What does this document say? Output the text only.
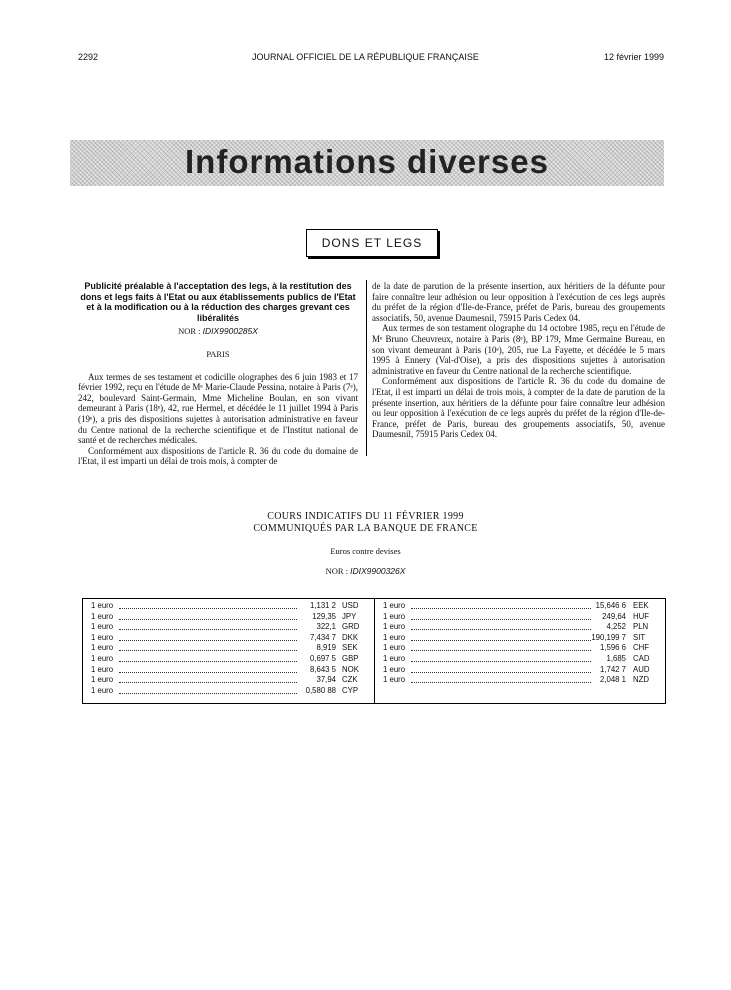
2292	JOURNAL OFFICIEL DE LA RÉPUBLIQUE FRANÇAISE	12 février 1999
Informations diverses
DONS ET LEGS
Publicité préalable à l'acceptation des legs, à la restitution des dons et legs faits à l'Etat ou aux établissements publics de l'Etat et à la modification ou à la réduction des charges grevant ces libéralités
NOR : IDIX9900285X
PARIS

Aux termes de ses testament et codicille olographes des 6 juin 1983 et 17 février 1992, reçu en l'étude de Mᵉ Marie-Claude Pessina, notaire à Paris (7ᵉ), 242, boulevard Saint-Germain, Mme Micheline Boulan, en son vivant demeurant à Paris (18ᵉ), 42, rue Hermel, et décédée le 11 juillet 1994 à Paris (19ᵉ), a pris des dispositions sujettes à autorisation administrative en faveur du Centre national de la recherche scientifique et de l'Institut national de santé et de recherches médicales.

Conformément aux dispositions de l'article R. 36 du code du domaine de l'Etat, il est imparti un délai de trois mois, à compter de

de la date de parution de la présente insertion, aux héritiers de la défunte pour faire connaître leur adhésion ou leur opposition à l'exécution de ces legs auprès du préfet de la région d'Ile-de-France, préfet de Paris, bureau des groupements associatifs, 50, avenue Daumesnil, 75915 Paris Cedex 04.

Aux termes de son testament olographe du 14 octobre 1985, reçu en l'étude de Mᵉ Bruno Cheuvreux, notaire à Paris (8ᵉ), BP 179, Mme Germaine Bureau, en son vivant demeurant à Paris (10ᵉ), 205, rue La Fayette, et décédée le 5 mars 1995 à Ennery (Val-d'Oise), a pris des dispositions sujettes à autorisation administrative en faveur du Centre national de la recherche scientifique.

Conformément aux dispositions de l'article R. 36 du code du domaine de l'Etat, il est imparti un délai de trois mois, à compter de la date de parution de la présente insertion, aux héritiers de la défunte pour faire connaître leur adhésion ou leur opposition à l'exécution de ce legs auprès du préfet de la région d'Ile-de-France, préfet de Paris, bureau des groupements associatifs, 50, avenue Daumesnil, 75915 Paris Cedex 04.

COURS INDICATIFS DU 11 FÉVRIER 1999
COMMUNIQUÉS PAR LA BANQUE DE FRANCE
Euros contre devises
NOR : IDIX9900326X
1 euro	1,131 2 USD
1 euro	129,35 JPY
1 euro	322,1 GRD
1 euro	7,434 7 DKK
1 euro	8,919 SEK
1 euro	0,697 5 GBP
1 euro	8,643 5 NOK
1 euro	37,94 CZK
1 euro	0,580 88 CYP
1 euro	15,646 6 EEK
1 euro	249,64 HUF
1 euro	4,252 PLN
1 euro	190,199 7 SIT
1 euro	1,596 6 CHF
1 euro	1,685 CAD
1 euro	1,742 7 AUD
1 euro	2,048 1 NZD
